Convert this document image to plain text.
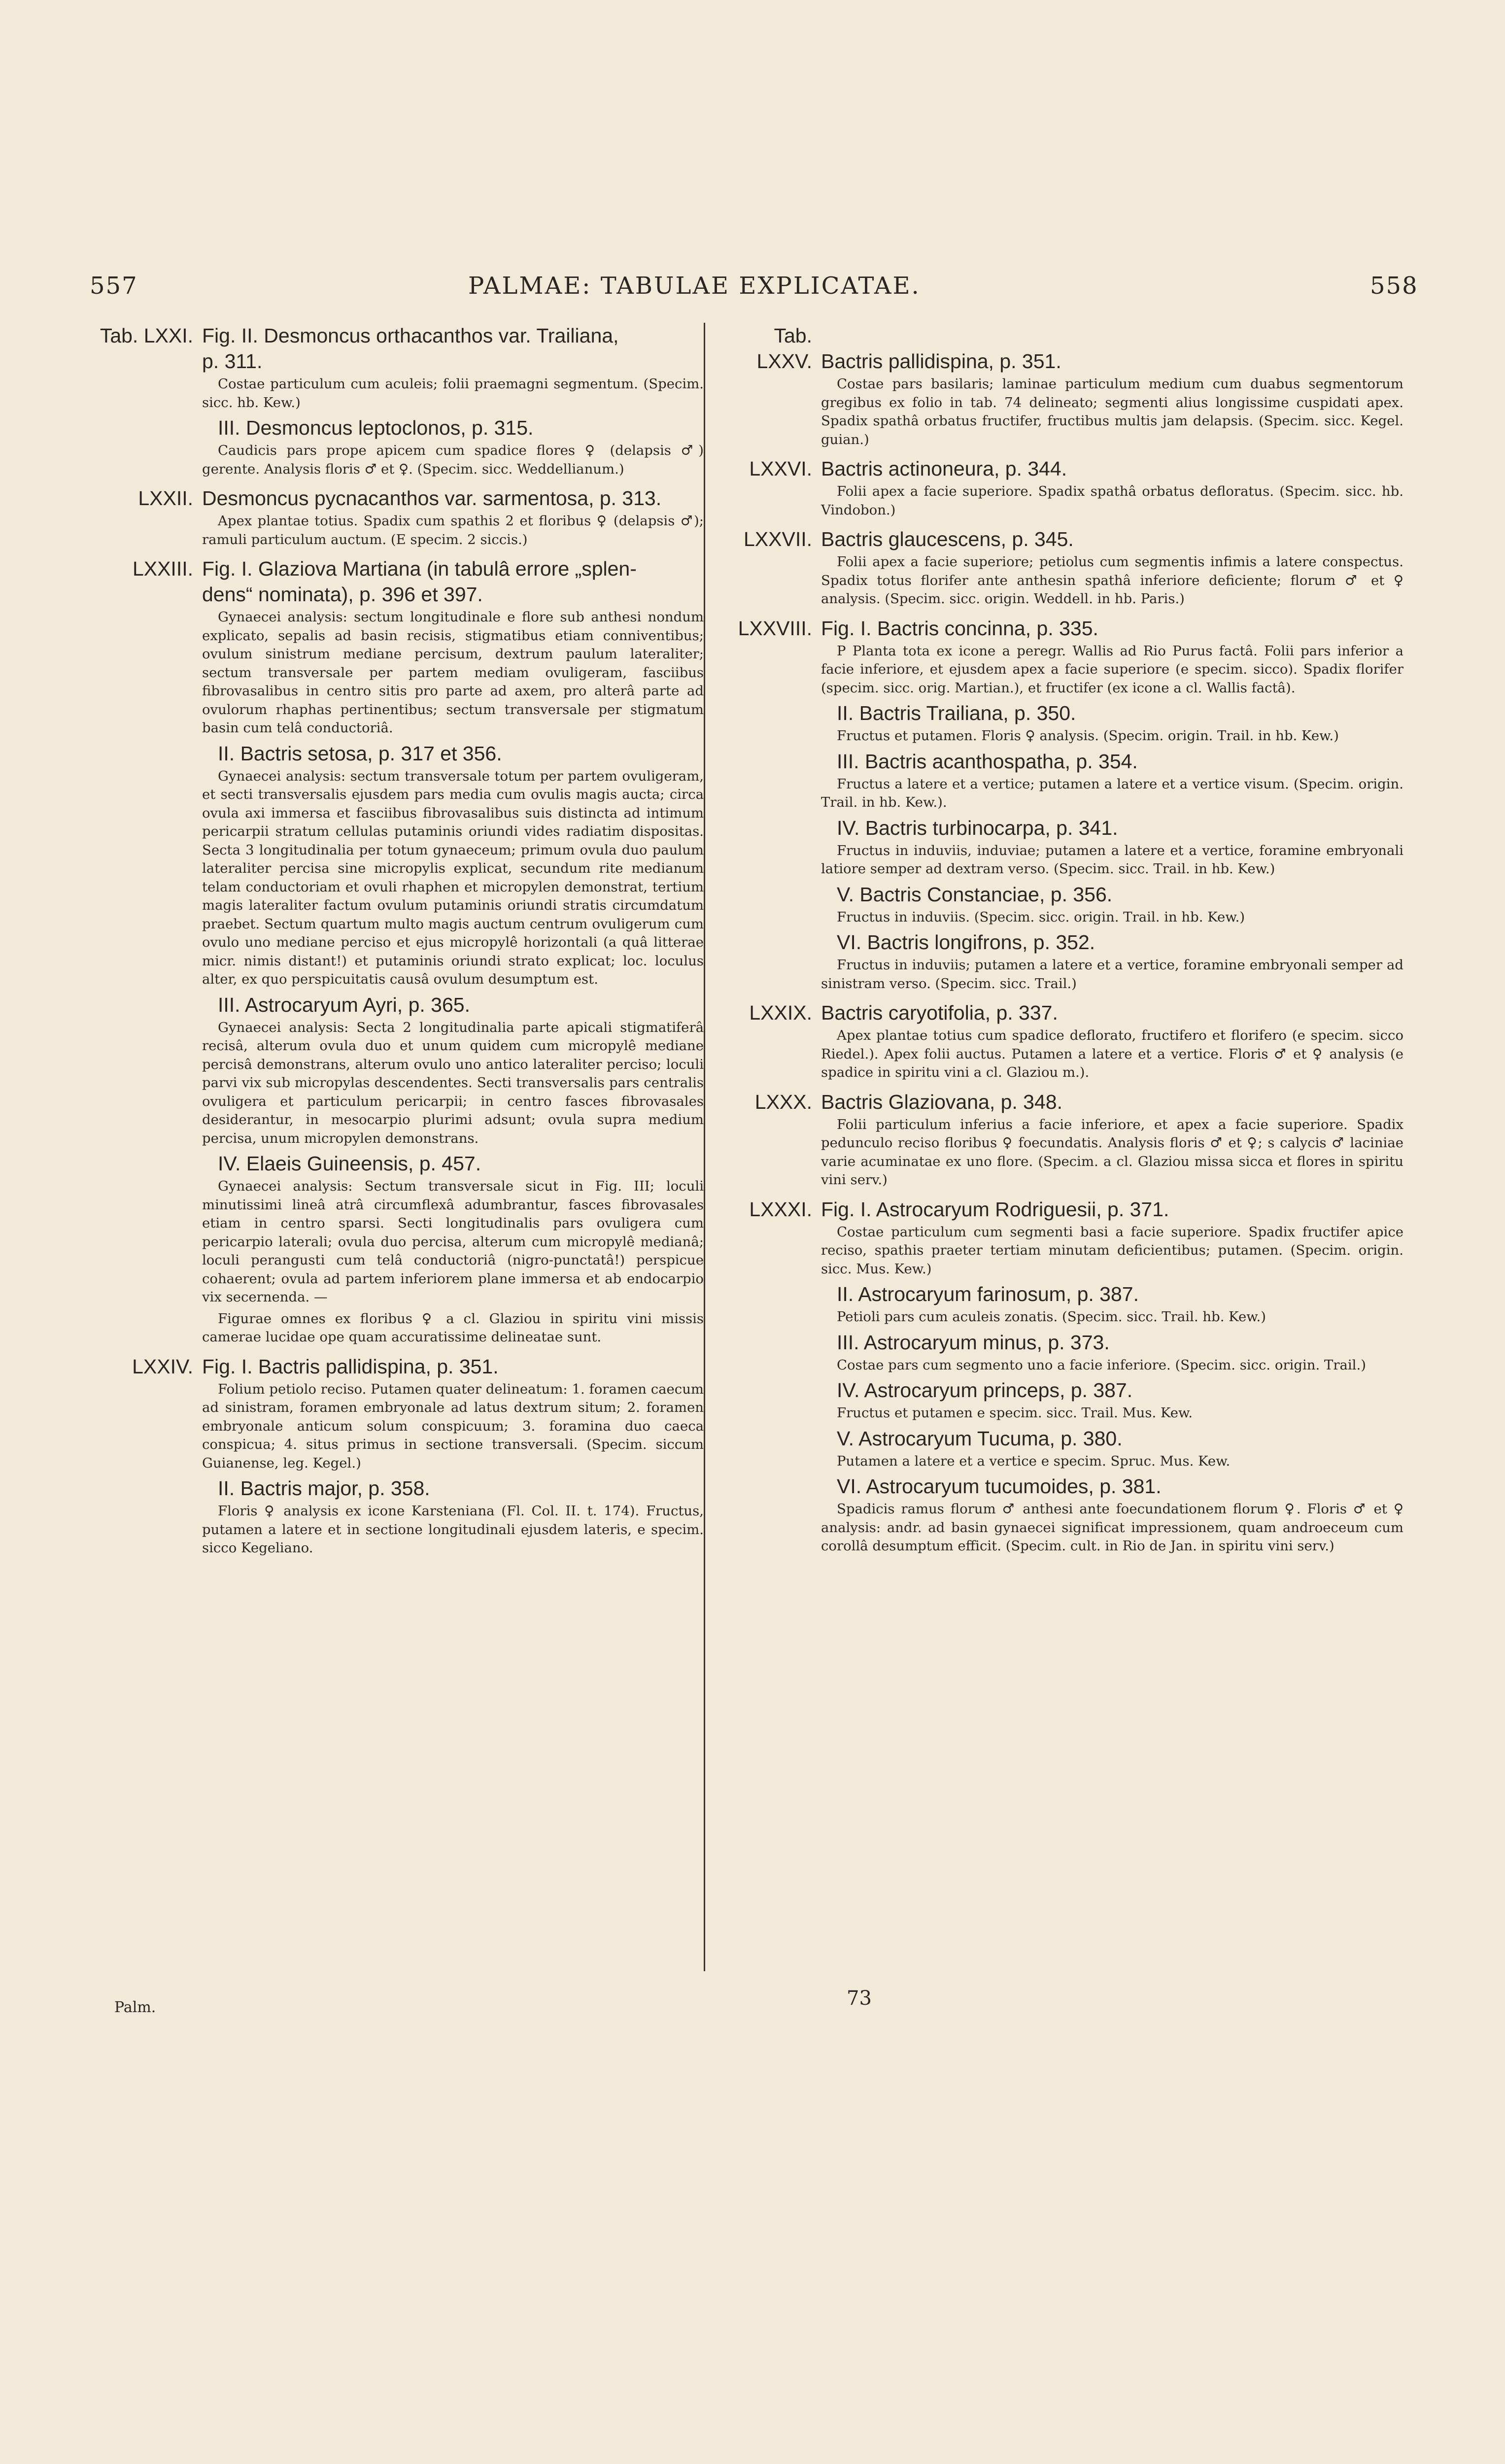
557	PALMAE: TABULAE EXPLICATAE.	558
Tab. LXXI. Fig. II. Desmoncus orthacanthos var. Trailiana,
p. 311.
Costae particulum cum aculeis; folii praemagni segmentum. (Specim. sicc. hb. Kew.)
III. Desmoncus leptoclonos, p. 315.
Caudicis pars prope apicem cum spadice flores ♀ (delapsis ♂) gerente. Analysis floris ♂ et ♀. (Specim. sicc. Weddellianum.)
LXXII. Desmoncus pycnacanthos var. sarmentosa, p. 313.
Apex plantae totius. Spadix cum spathis 2 et floribus ♀ (delapsis ♂); ramuli particulum auctum. (E specim. 2 siccis.)
LXXIII. Fig. I. Glaziova Martiana (in tabulâ errore „splen-
dens“ nominata), p. 396 et 397.
Gynaecei analysis: sectum longitudinale e flore sub anthesi nondum explicato, sepalis ad basin recisis, stigmatibus etiam conniventibus; ovulum sinistrum mediane percisum, dextrum paulum lateraliter; sectum transversale per partem mediam ovuligeram, fasciibus fibrovasalibus in centro sitis pro parte ad axem, pro alterâ parte ad ovulorum rhaphas pertinentibus; sectum transversale per stigmatum basin cum telâ conductoriâ.
II. Bactris setosa, p. 317 et 356.
Gynaecei analysis: sectum transversale totum per partem ovuligeram, et secti transversalis ejusdem pars media cum ovulis magis aucta; circa ovula axi immersa et fasciibus fibrovasalibus suis distincta ad intimum pericarpii stratum cellulas putaminis oriundi vides radiatim dispositas. Secta 3 longitudinalia per totum gynaeceum; primum ovula duo paulum lateraliter percisa sine micropylis explicat, secundum rite medianum telam conductoriam et ovuli rhaphen et micropylen demonstrat, tertium magis lateraliter factum ovulum putaminis oriundi stratis circumdatum praebet. Sectum quartum multo magis auctum centrum ovuligerum cum ovulo uno mediane perciso et ejus micropylê horizontali (a quâ litterae micr. nimis distant!) et putaminis oriundi strato explicat; loc. loculus alter, ex quo perspicuitatis causâ ovulum desumptum est.
III. Astrocaryum Ayri, p. 365.
Gynaecei analysis: Secta 2 longitudinalia parte apicali stigmatiferâ recisâ, alterum ovula duo et unum quidem cum micropylê mediane percisâ demonstrans, alterum ovulo uno antico lateraliter perciso; loculi parvi vix sub micropylas descendentes. Secti transversalis pars centralis ovuligera et particulum pericarpii; in centro fasces fibrovasales desiderantur, in mesocarpio plurimi adsunt; ovula supra medium percisa, unum micropylen demonstrans.
IV. Elaeis Guineensis, p. 457.
Gynaecei analysis: Sectum transversale sicut in Fig. III; loculi minutissimi lineâ atrâ circumflexâ adumbrantur, fasces fibrovasales etiam in centro sparsi. Secti longitudinalis pars ovuligera cum pericarpio laterali; ovula duo percisa, alterum cum micropylê medianâ; loculi perangusti cum telâ conductoriâ (nigro-punctatâ!) perspicue cohaerent; ovula ad partem inferiorem plane immersa et ab endocarpio vix secernenda. —
Figurae omnes ex floribus ♀ a cl. Glaziou in spiritu vini missis camerae lucidae ope quam accuratissime delineatae sunt.
LXXIV. Fig. I. Bactris pallidispina, p. 351.
Folium petiolo reciso. Putamen quater delineatum: 1. foramen caecum ad sinistram, foramen embryonale ad latus dextrum situm; 2. foramen embryonale anticum solum conspicuum; 3. foramina duo caeca conspicua; 4. situs primus in sectione transversali. (Specim. siccum Guianense, leg. Kegel.)
II. Bactris major, p. 358.
Floris ♀ analysis ex icone Karsteniana (Fl. Col. II. t. 174). Fructus, putamen a latere et in sectione longitudinali ejusdem lateris, e specim. sicco Kegeliano.
Tab. LXXV. Bactris pallidispina, p. 351.
Costae pars basilaris; laminae particulum medium cum duabus segmentorum gregibus ex folio in tab. 74 delineato; segmenti alius longissime cuspidati apex. Spadix spathâ orbatus fructifer, fructibus multis jam delapsis. (Specim. sicc. Kegel. guian.)
LXXVI. Bactris actinoneura, p. 344.
Folii apex a facie superiore. Spadix spathâ orbatus defloratus. (Specim. sicc. hb. Vindobon.)
LXXVII. Bactris glaucescens, p. 345.
Folii apex a facie superiore; petiolus cum segmentis infimis a latere conspectus. Spadix totus florifer ante anthesin spathâ inferiore deficiente; florum ♂ et ♀ analysis. (Specim. sicc. origin. Weddell. in hb. Paris.)
LXXVIII. Fig. I. Bactris concinna, p. 335.
P Planta tota ex icone a peregr. Wallis ad Rio Purus factâ. Folii pars inferior a facie inferiore, et ejusdem apex a facie superiore (e specim. sicco). Spadix florifer (specim. sicc. orig. Martian.), et fructifer (ex icone a cl. Wallis factâ).
II. Bactris Trailiana, p. 350.
Fructus et putamen. Floris ♀ analysis. (Specim. origin. Trail. in hb. Kew.)
III. Bactris acanthospatha, p. 354.
Fructus a latere et a vertice; putamen a latere et a vertice visum. (Specim. origin. Trail. in hb. Kew.).
IV. Bactris turbinocarpa, p. 341.
Fructus in induviis, induviae; putamen a latere et a vertice, foramine embryonali latiore semper ad dextram verso. (Specim. sicc. Trail. in hb. Kew.)
V. Bactris Constanciae, p. 356.
Fructus in induviis. (Specim. sicc. origin. Trail. in hb. Kew.)
VI. Bactris longifrons, p. 352.
Fructus in induviis; putamen a latere et a vertice, foramine embryonali semper ad sinistram verso. (Specim. sicc. Trail.)
LXXIX. Bactris caryotifolia, p. 337.
Apex plantae totius cum spadice deflorato, fructifero et florifero (e specim. sicco Riedel.). Apex folii auctus. Putamen a latere et a vertice. Floris ♂ et ♀ analysis (e spadice in spiritu vini a cl. Glaziou m.).
LXXX. Bactris Glaziovana, p. 348.
Folii particulum inferius a facie inferiore, et apex a facie superiore. Spadix pedunculo reciso floribus ♀ foecundatis. Analysis floris ♂ et ♀; s calycis ♂ laciniae varie acuminatae ex uno flore. (Specim. a cl. Glaziou missa sicca et flores in spiritu vini serv.)
LXXXI. Fig. I. Astrocaryum Rodriguesii, p. 371.
Costae particulum cum segmenti basi a facie superiore. Spadix fructifer apice reciso, spathis praeter tertiam minutam deficientibus; putamen. (Specim. origin. sicc. Mus. Kew.)
II. Astrocaryum farinosum, p. 387.
Petioli pars cum aculeis zonatis. (Specim. sicc. Trail. hb. Kew.)
III. Astrocaryum minus, p. 373.
Costae pars cum segmento uno a facie inferiore. (Specim. sicc. origin. Trail.)
IV. Astrocaryum princeps, p. 387.
Fructus et putamen e specim. sicc. Trail. Mus. Kew.
V. Astrocaryum Tucuma, p. 380.
Putamen a latere et a vertice e specim. Spruc. Mus. Kew.
VI. Astrocaryum tucumoides, p. 381.
Spadicis ramus florum ♂ anthesi ante foecundationem florum ♀. Floris ♂ et ♀ analysis: andr. ad basin gynaecei significat impressionem, quam androeceum cum corollâ desumptum efficit. (Specim. cult. in Rio de Jan. in spiritu vini serv.)
Palm.	73
